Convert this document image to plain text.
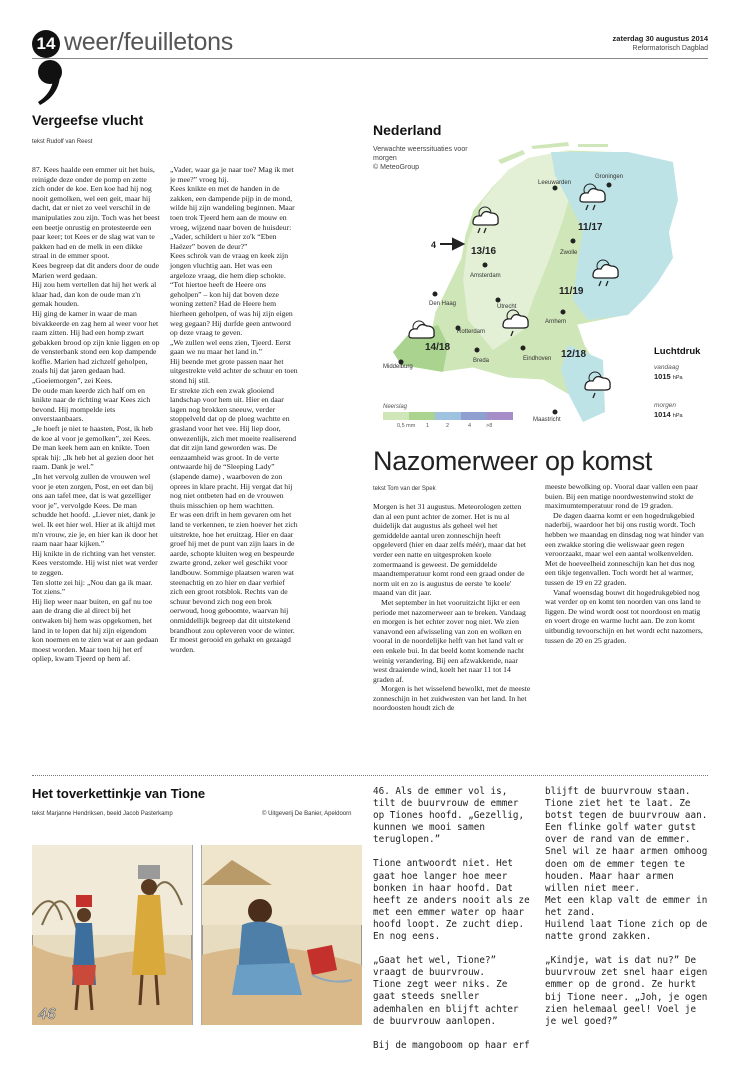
14 weer/feuilletons	zaterdag 30 augustus 2014
Reformatorisch Dagblad
Vergeefse vlucht
tekst Rudolf van Reest

87. Kees haalde een emmer uit het huis, reinigde deze onder de pomp en zette zich onder de koe. Een koe had hij nog nooit gemolken, wel een geit, maar hij dacht, dat er niet zo veel verschil in de manipulaties zou zijn. Toch was het beest een beetje onrustig en protesteerde een paar keer; tot Kees er de slag wat van te pakken had en de melk in een dikke straal in de emmer spoot.

Kees begreep dat dit anders door de oude Marien werd gedaan.

Hij zou hem vertellen dat hij het werk al klaar had, dan kon de oude man z'n gemak houden.

Hij ging de kamer in waar de man bivakkeerde en zag hem al weer voor het raam zitten. Hij had een homp zwart gebakken brood op zijn knie liggen en op de vensterbank stond een kop dampende koffie. Marien had zichzelf geholpen, zoals hij dat jaren gedaan had.

„Goeiemorgen”, zei Kees.

De oude man keerde zich half om en knikte naar de richting waar Kees zich bevond. Hij mompelde iets onverstaanbaars.

„Je hoeft je niet te haasten, Post, ik heb de koe al voor je gemolken”, zei Kees.

De man keek hem aan en knikte. Toen sprak hij: „Ik heb het al gezien door het raam. Dank je wel.”

„In het vervolg zullen de vrouwen wel voor je eten zorgen, Post, en eet dan bij ons aan tafel mee, dat is wat gezelliger voor je”, vervolgde Kees. De man schudde het hoofd. „Liever niet, dank je wel. Ik eet hier wel. Hier at ik altijd met m'n vrouw, zie je, en hier kan ik door het raam naar haar kijken.”

Hij knikte in de richting van het venster. Kees verstomde. Hij wist niet wat verder te zeggen.

Ten slotte zei hij: „Nou dan ga ik maar. Tot ziens.”

Hij liep weer naar buiten, en gaf nu toe aan de drang die al direct bij het ontwaken bij hem was opgekomen, het land in te lopen dat hij zijn eigendom kon noemen en te zien wat er aan gedaan moest worden. Maar toen hij het erf opliep, kwam Tjeerd op hem af.

„Vader, waar ga je naar toe? Mag ik met je mee?” vroeg hij.

Kees knikte en met de handen in de zakken, een dampende pijp in de mond, wilde hij zijn wandeling beginnen. Maar toen trok Tjeerd hem aan de mouw en vroeg, wijzend naar boven de huisdeur: „Vader, schildert u hier zo'k “Eben Haëzer” boven de deur?”

Kees schrok van de vraag en keek zijn jongen vluchtig aan. Het was een argeloze vraag, die hem diep schokte.

“Tot hiertoe heeft de Heere ons geholpen” – kon hij dat boven deze woning zetten? Had de Heere hem hierheen geholpen, of was hij zijn eigen weg gegaan? Hij durfde geen antwoord op deze vraag te geven.

„We zullen wel eens zien, Tjeerd. Eerst gaan we nu maar het land in.”

Hij beende met grote passen naar het uitgestrekte veld achter de schuur en toen stond hij stil.

Er strekte zich een zwak glooiend landschap voor hem uit. Hier en daar lagen nog brokken sneeuw, verder stoppelveld dat op de ploeg wachtte en grasland voor het vee. Hij liep door, onwezenlijk, zich met moeite realiserend dat dit zijn land geworden was. De eenzaamheid was groot. In de verte ontwaarde hij de “Sleeping Lady” (slapende dame) , waarboven de zon oprees in klare pracht. Hij vergat dat hij nog niet ontbeten had en de vrouwen thuis misschien op hem wachtten.

Er was een drift in hem gevaren om het land te verkennen, te zien hoever het zich uitstrekte, hoe het eruitzag. Hier en daar groef hij met de punt van zijn laars in de aarde, schopte kluiten weg en bespeurde zwarte grond, zeker wel geschikt voor landbouw. Sommige plaatsen waren wat steenachtig en zo hier en daar verhief zich een groot rotsblok. Rechts van de schuur bevond zich nog een brok oerwoud, hoog geboomte, waarvan hij onmiddellijk begreep dat dit uitstekend brandhout zou opleveren voor de winter.

Er moest gerooid en gehakt en gezaagd worden.

Nederland
Verwachte weerssituaties voor morgen
© MeteoGroup
Leeuwarden
Groningen
Zwolle
Amsterdam
Den Haag	Utrecht
Arnhem
Rotterdam
Breda	Eindhoven
Middelburg
Maastricht
13/16
11/17
11/19
14/18
12/18
4
Neerslag
0,5 mm 1	2	4	>8
Luchtdruk
vandaag
1015 hPa
morgen
1014 hPa
Nazomerweer op komst
tekst Tom van der Spek

Morgen is het 31 augustus. Meteorologen zetten dan al een punt achter de zomer. Het is nu al duidelijk dat augustus als geheel wel het gemiddelde aantal uren zonneschijn heeft opgeleverd (hier en daar zelfs méér), maar dat het verder een natte en uitgesproken koele zomermaand is geweest. De gemiddelde maandtemperatuur komt rond een graad onder de norm uit en zo is augustus de eerste 'te koele' maand van dit jaar.

Met september in het vooruitzicht lijkt er een periode met nazomerweer aan te breken. Vandaag en morgen is het echter zover nog niet. We zien vanavond een afwisseling van zon en wolken en vooral in de noordelijke helft van het land valt er een enkele bui. In dat beeld komt komende nacht weinig verandering. Bij een afzwakkende, naar west draaiende wind, koelt het naar 11 tot 14 graden af.

Morgen is het wisselend bewolkt, met de meeste zonneschijn in het zuidwesten van het land. In het noordoosten houdt zich de

meeste bewolking op. Vooral daar vallen een paar buien. Bij een matige noordwestenwind stokt de maximumtemperatuur rond de 19 graden.

De dagen daarna komt er een hogedrukgebied naderbij, waardoor het bij ons rustig wordt. Toch hebben we maandag en dinsdag nog wat hinder van een zwakke storing die weliswaar geen regen veroorzaakt, maar wel een aantal wolkenvelden. Met de hoeveelheid zonneschijn kan het dus nog een tikje tegenvallen. Toch wordt het al warmer, tussen de 19 en 22 graden.

Vanaf woensdag bouwt dit hogedrukgebied nog wat verder op en komt ten noorden van ons land te liggen. De wind wordt oost tot noordoost en matig en voert droge en warme lucht aan. De zon komt uitbundig tevoorschijn en het wordt echt nazomers, tussen de 20 en 25 graden.

Het toverkettinkje van Tione
tekst Marjanne Hendriksen, beeld Jacob Pasterkamp	© Uitgeverij De Banier, Apeldoorn
46

46. Als de emmer vol is, tilt de buurvrouw de emmer op Tiones hoofd. „Gezellig, kunnen we mooi samen teruglopen.”

Tione antwoordt niet. Het gaat hoe langer hoe meer bonken in haar hoofd. Dat heeft ze anders nooit als ze met een emmer water op haar hoofd loopt. Ze zucht diep. En nog eens.

„Gaat het wel, Tione?” vraagt de buurvrouw.
Tione zegt weer niks. Ze gaat steeds sneller ademhalen en blijft achter de buurvrouw aanlopen.

Bij de mangoboom op haar erf

blijft de buurvrouw staan. Tione ziet het te laat. Ze botst tegen de buurvrouw aan. Een flinke golf water gutst over de rand van de emmer.
Snel wil ze haar armen omhoog doen om de emmer tegen te houden. Maar haar armen willen niet meer.
Met een klap valt de emmer in het zand.
Huilend laat Tione zich op de natte grond zakken.

„Kindje, wat is dat nu?” De buurvrouw zet snel haar eigen emmer op de grond. Ze hurkt bij Tione neer. „Joh, je ogen zien helemaal geel! Voel je je wel goed?”
